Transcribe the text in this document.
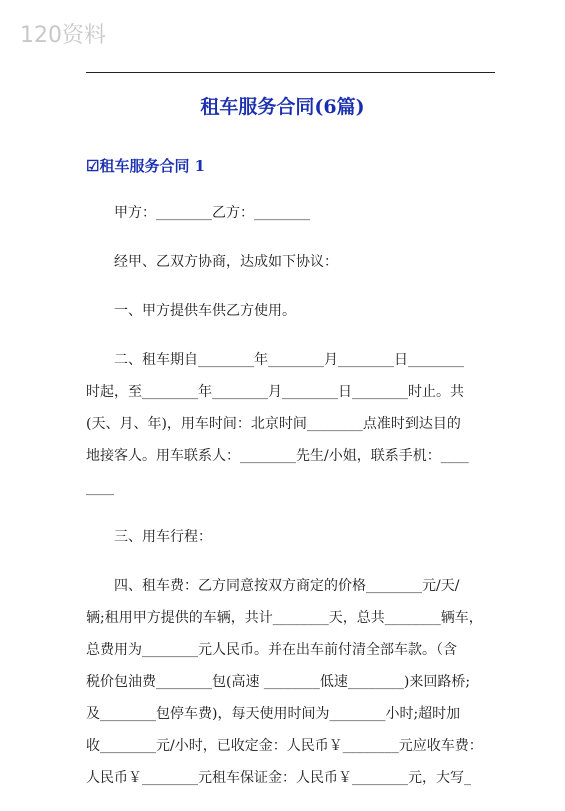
120资料
租车服务合同(6篇)
☑租车服务合同 1
甲方：________乙方：________
经甲、乙双方协商，达成如下协议：
一、甲方提供车供乙方使用。
二、租车期自________年________月________日________
时起，至________年________月________日________时止。共
(天、月、年)，用车时间：北京时间________点准时到达目的
地接客人。用车联系人：________先生/小姐，联系手机：____
____
三、用车行程：
四、租车费：乙方同意按双方商定的价格________元/天/
辆;租用甲方提供的车辆，共计________天，总共________辆车，
总费用为________元人民币。并在出车前付清全部车款。（含
税价包油费________包(高速 ________低速________)来回路桥;
及________包停车费)，每天使用时间为________小时;超时加
收________元/小时，已收定金：人民币￥________元应收车费：
人民币￥________元租车保证金：人民币￥________元，大写_
